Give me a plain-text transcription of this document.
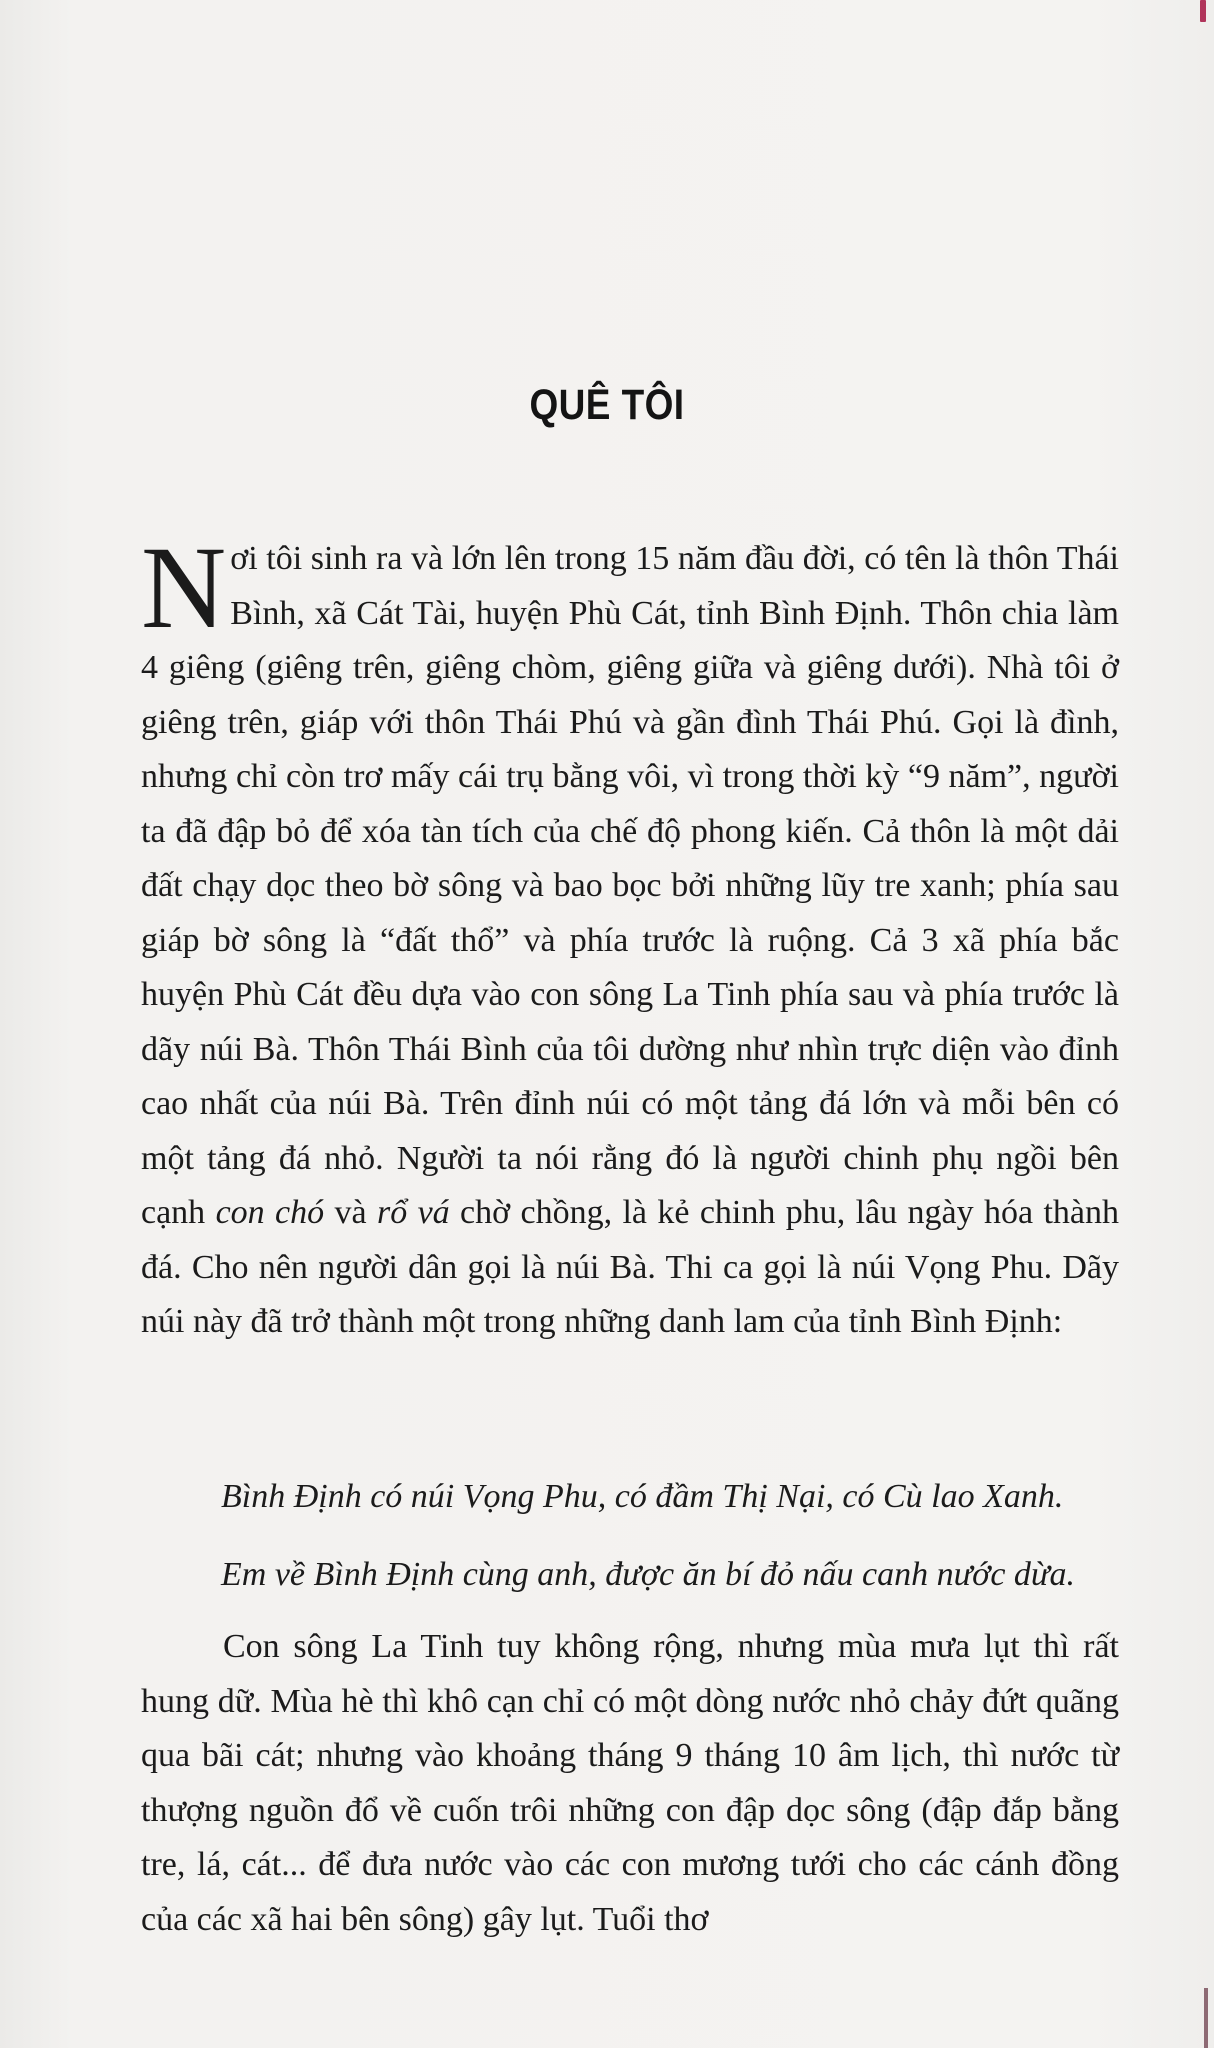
QUÊ TÔI
Nơi tôi sinh ra và lớn lên trong 15 năm đầu đời, có tên là thôn Thái Bình, xã Cát Tài, huyện Phù Cát, tỉnh Bình Định. Thôn chia làm 4 giêng (giêng trên, giêng chòm, giêng giữa và giêng dưới). Nhà tôi ở giêng trên, giáp với thôn Thái Phú và gần đình Thái Phú. Gọi là đình, nhưng chỉ còn trơ mấy cái trụ bằng vôi, vì trong thời kỳ “9 năm”, người ta đã đập bỏ để xóa tàn tích của chế độ phong kiến. Cả thôn là một dải đất chạy dọc theo bờ sông và bao bọc bởi những lũy tre xanh; phía sau giáp bờ sông là “đất thổ” và phía trước là ruộng. Cả 3 xã phía bắc huyện Phù Cát đều dựa vào con sông La Tinh phía sau và phía trước là dãy núi Bà. Thôn Thái Bình của tôi dường như nhìn trực diện vào đỉnh cao nhất của núi Bà. Trên đỉnh núi có một tảng đá lớn và mỗi bên có một tảng đá nhỏ. Người ta nói rằng đó là người chinh phụ ngồi bên cạnh con chó và rổ vá chờ chồng, là kẻ chinh phu, lâu ngày hóa thành đá. Cho nên người dân gọi là núi Bà. Thi ca gọi là núi Vọng Phu. Dãy núi này đã trở thành một trong những danh lam của tỉnh Bình Định:

Bình Định có núi Vọng Phu, có đầm Thị Nại, có Cù lao Xanh.

Em về Bình Định cùng anh, được ăn bí đỏ nấu canh nước dừa.

Con sông La Tinh tuy không rộng, nhưng mùa mưa lụt thì rất hung dữ. Mùa hè thì khô cạn chỉ có một dòng nước nhỏ chảy đứt quãng qua bãi cát; nhưng vào khoảng tháng 9 tháng 10 âm lịch, thì nước từ thượng nguồn đổ về cuốn trôi những con đập dọc sông (đập đắp bằng tre, lá, cát... để đưa nước vào các con mương tưới cho các cánh đồng của các xã hai bên sông) gây lụt. Tuổi thơ
